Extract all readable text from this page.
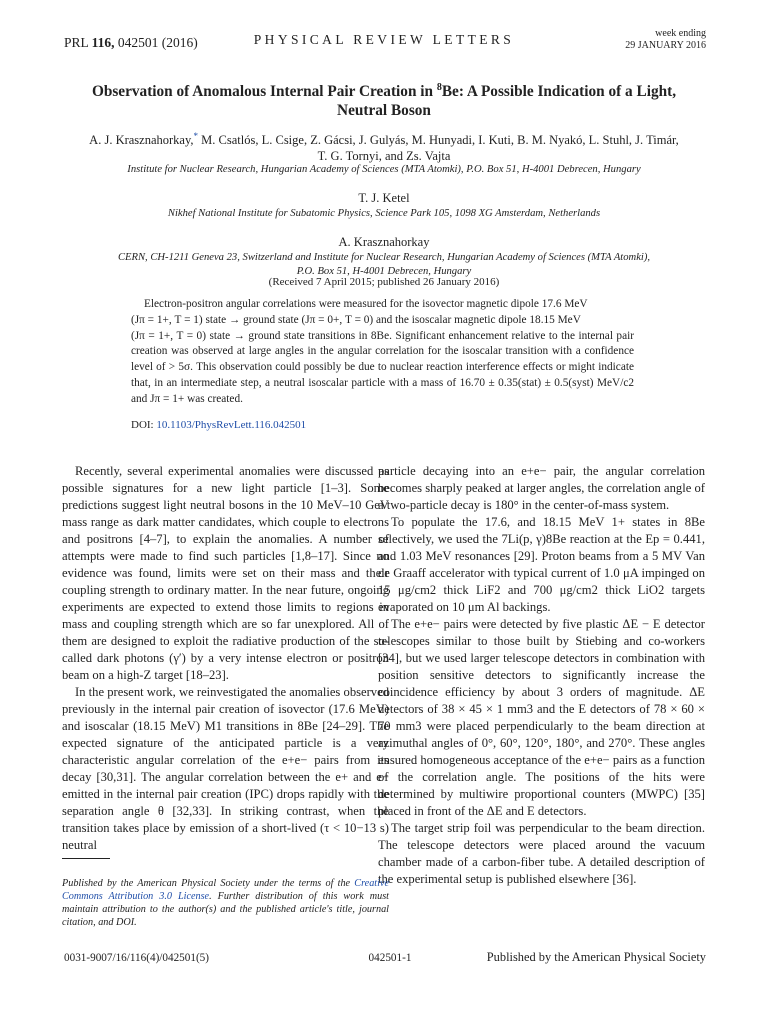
PRL 116, 042501 (2016)	PHYSICAL REVIEW LETTERS	week ending
29 JANUARY 2016
Observation of Anomalous Internal Pair Creation in $^8$Be: A Possible Indication of a Light, Neutral Boson
A. J. Krasznahorkay,* M. Csatlós, L. Csige, Z. Gácsi, J. Gulyás, M. Hunyadi, I. Kuti, B. M. Nyakó, L. Stuhl, J. Timár,
T. G. Tornyi, and Zs. Vajta
Institute for Nuclear Research, Hungarian Academy of Sciences (MTA Atomki), P.O. Box 51, H-4001 Debrecen, Hungary
T. J. Ketel
Nikhef National Institute for Subatomic Physics, Science Park 105, 1098 XG Amsterdam, Netherlands
A. Krasznahorkay
CERN, CH-1211 Geneva 23, Switzerland and Institute for Nuclear Research, Hungarian Academy of Sciences (MTA Atomki),
P.O. Box 51, H-4001 Debrecen, Hungary
(Received 7 April 2015; published 26 January 2016)

Electron-positron angular correlations were measured for the isovector magnetic dipole 17.6 MeV

(Jπ = 1+, T = 1) state → ground state (Jπ = 0+, T = 0) and the isoscalar magnetic dipole 18.15 MeV

(Jπ = 1+, T = 0) state → ground state transitions in 8Be. Significant enhancement relative to the internal pair creation was observed at large angles in the angular correlation for the isoscalar transition with a confidence level of > 5σ. This observation could possibly be due to nuclear reaction interference effects or might indicate that, in an intermediate step, a neutral isoscalar particle with a mass of 16.70 ± 0.35(stat) ± 0.5(syst) MeV/c2 and Jπ = 1+ was created.

DOI: 10.1103/PhysRevLett.116.042501

Recently, several experimental anomalies were discussed as possible signatures for a new light particle [1–3]. Some predictions suggest light neutral bosons in the 10 MeV–10 GeV mass range as dark matter candidates, which couple to electrons and positrons [4–7], to explain the anomalies. A number of attempts were made to find such particles [1,8–17]. Since no evidence was found, limits were set on their mass and their coupling strength to ordinary matter. In the near future, ongoing experiments are expected to extend those limits to regions in mass and coupling strength which are so far unexplored. All of them are designed to exploit the radiative production of the so-called dark photons (γ′) by a very intense electron or positron beam on a high-Z target [18–23].

In the present work, we reinvestigated the anomalies observed previously in the internal pair creation of isovector (17.6 MeV) and isoscalar (18.15 MeV) M1 transitions in 8Be [24–29]. The expected signature of the anticipated particle is a very characteristic angular correlation of the e+e− pairs from its decay [30,31]. The angular correlation between the e+ and e− emitted in the internal pair creation (IPC) drops rapidly with the separation angle θ [32,33]. In striking contrast, when the transition takes place by emission of a short-lived (τ < 10−13 s) neutral

particle decaying into an e+e− pair, the angular correlation becomes sharply peaked at larger angles, the correlation angle of a two-particle decay is 180° in the center-of-mass system.

To populate the 17.6, and 18.15 MeV 1+ states in 8Be selectively, we used the 7Li(p, γ)8Be reaction at the Ep = 0.441, and 1.03 MeV resonances [29]. Proton beams from a 5 MV Van de Graaff accelerator with typical current of 1.0 μA impinged on 15 μg/cm2 thick LiF2 and 700 μg/cm2 thick LiO2 targets evaporated on 10 μm Al backings.

The e+e− pairs were detected by five plastic ΔE − E detector telescopes similar to those built by Stiebing and co-workers [34], but we used larger telescope detectors in combination with position sensitive detectors to significantly increase the coincidence efficiency by about 3 orders of magnitude. ΔE detectors of 38 × 45 × 1 mm3 and the E detectors of 78 × 60 × 70 mm3 were placed perpendicularly to the beam direction at azimuthal angles of 0°, 60°, 120°, 180°, and 270°. These angles ensured homogeneous acceptance of the e+e− pairs as a function of the correlation angle. The positions of the hits were determined by multiwire proportional counters (MWPC) [35] placed in front of the ΔE and E detectors.

The target strip foil was perpendicular to the beam direction. The telescope detectors were placed around the vacuum chamber made of a carbon-fiber tube. A detailed description of the experimental setup is published elsewhere [36].

Published by the American Physical Society under the terms of the Creative Commons Attribution 3.0 License. Further distribution of this work must maintain attribution to the author(s) and the published article's title, journal citation, and DOI.
0031-9007/16/116(4)/042501(5)	042501-1	Published by the American Physical Society
